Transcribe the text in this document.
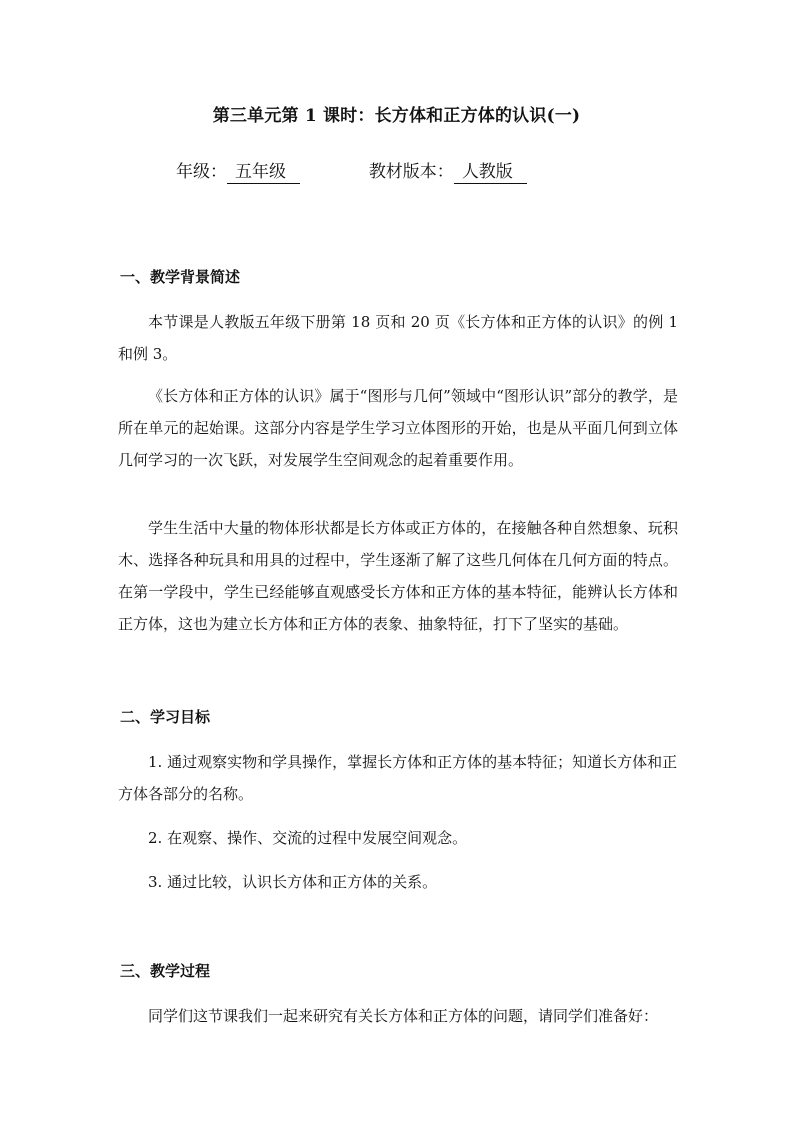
第三单元第 1 课时：长方体和正方体的认识(一)
年级： 五年级	教材版本： 人教版
一、教学背景简述

本节课是人教版五年级下册第 18 页和 20 页《长方体和正方体的认识》的例 1 和例 3。

《长方体和正方体的认识》属于“图形与几何”领域中“图形认识”部分的教学，是所在单元的起始课。这部分内容是学生学习立体图形的开始，也是从平面几何到立体几何学习的一次飞跃，对发展学生空间观念的起着重要作用。

学生生活中大量的物体形状都是长方体或正方体的，在接触各种自然想象、玩积木、选择各种玩具和用具的过程中，学生逐渐了解了这些几何体在几何方面的特点。在第一学段中，学生已经能够直观感受长方体和正方体的基本特征，能辨认长方体和正方体，这也为建立长方体和正方体的表象、抽象特征，打下了坚实的基础。

二、学习目标

1. 通过观察实物和学具操作，掌握长方体和正方体的基本特征；知道长方体和正方体各部分的名称。

2. 在观察、操作、交流的过程中发展空间观念。

3. 通过比较，认识长方体和正方体的关系。

三、教学过程

同学们这节课我们一起来研究有关长方体和正方体的问题，请同学们准备好：
